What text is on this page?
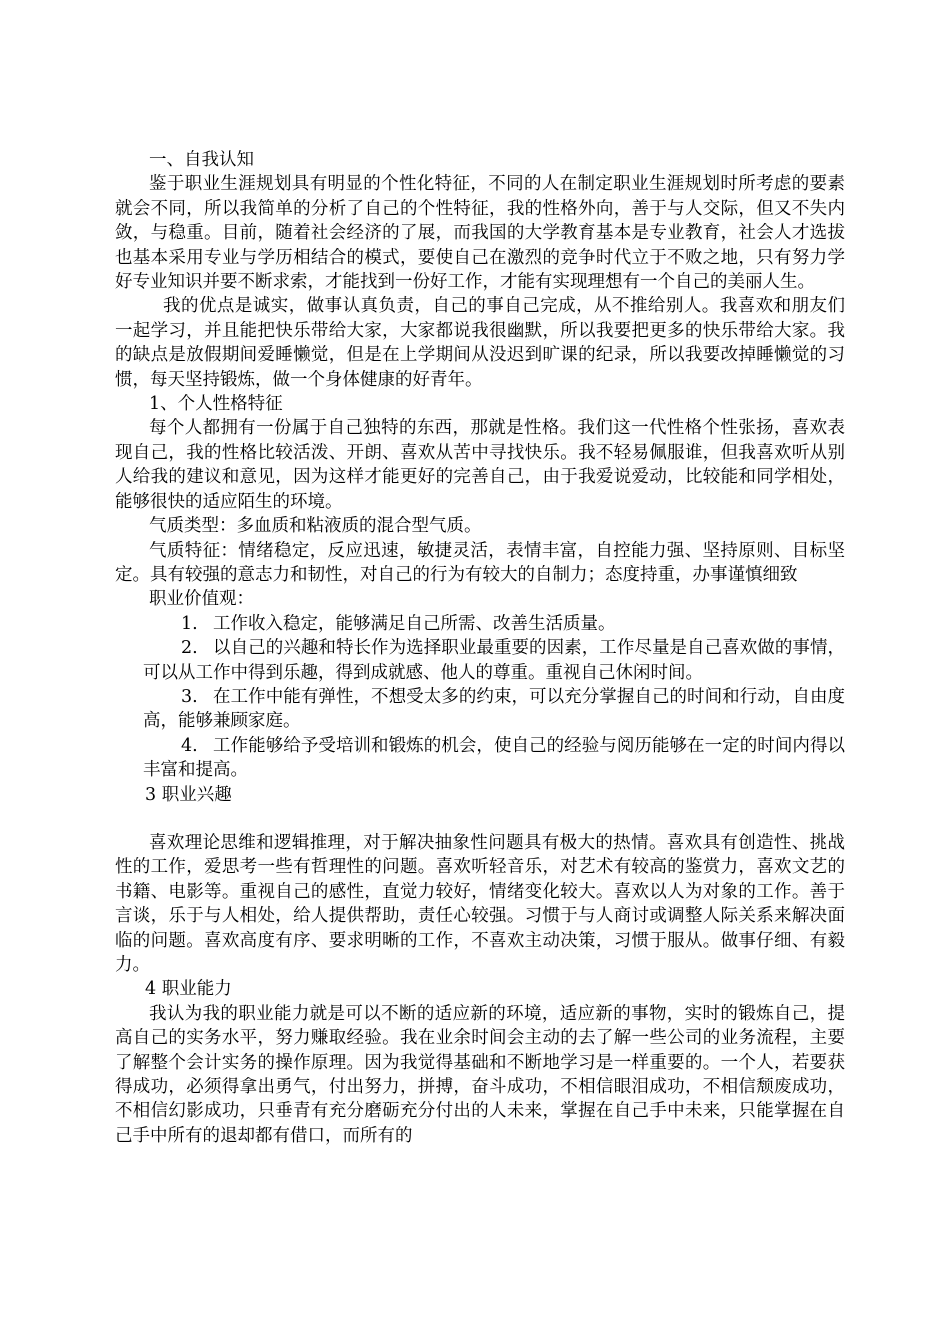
一、自我认知

鉴于职业生涯规划具有明显的个性化特征，不同的人在制定职业生涯规划时所考虑的要素就会不同，所以我简单的分析了自己的个性特征，我的性格外向，善于与人交际，但又不失内敛，与稳重。目前，随着社会经济的了展，而我国的大学教育基本是专业教育，社会人才选拔也基本采用专业与学历相结合的模式，要使自己在激烈的竞争时代立于不败之地，只有努力学好专业知识并要不断求索，才能找到一份好工作，才能有实现理想有一个自己的美丽人生。

我的优点是诚实，做事认真负责，自己的事自己完成，从不推给别人。我喜欢和朋友们一起学习，并且能把快乐带给大家，大家都说我很幽默，所以我要把更多的快乐带给大家。我的缺点是放假期间爱睡懒觉，但是在上学期间从没迟到旷课的纪录，所以我要改掉睡懒觉的习惯，每天坚持锻炼，做一个身体健康的好青年。

1、个人性格特征

每个人都拥有一份属于自己独特的东西，那就是性格。我们这一代性格个性张扬，喜欢表现自己，我的性格比较活泼、开朗、喜欢从苦中寻找快乐。我不轻易佩服谁，但我喜欢听从别人给我的建议和意见，因为这样才能更好的完善自己，由于我爱说爱动，比较能和同学相处，能够很快的适应陌生的环境。

气质类型：多血质和粘液质的混合型气质。

气质特征：情绪稳定，反应迅速，敏捷灵活，表情丰富，自控能力强、坚持原则、目标坚定。具有较强的意志力和韧性，对自己的行为有较大的自制力；态度持重，办事谨慎细致

职业价值观：

1. 工作收入稳定，能够满足自己所需、改善生活质量。

2. 以自己的兴趣和特长作为选择职业最重要的因素，工作尽量是自己喜欢做的事情，可以从工作中得到乐趣，得到成就感、他人的尊重。重视自己休闲时间。

3. 在工作中能有弹性，不想受太多的约束，可以充分掌握自己的时间和行动，自由度高，能够兼顾家庭。

4. 工作能够给予受培训和锻炼的机会，使自己的经验与阅历能够在一定的时间内得以丰富和提高。

3 职业兴趣

喜欢理论思维和逻辑推理，对于解决抽象性问题具有极大的热情。喜欢具有创造性、挑战性的工作，爱思考一些有哲理性的问题。喜欢听轻音乐，对艺术有较高的鉴赏力，喜欢文艺的书籍、电影等。重视自己的感性，直觉力较好，情绪变化较大。喜欢以人为对象的工作。善于言谈，乐于与人相处，给人提供帮助，责任心较强。习惯于与人商讨或调整人际关系来解决面临的问题。喜欢高度有序、要求明晰的工作，不喜欢主动决策，习惯于服从。做事仔细、有毅力。

4 职业能力

我认为我的职业能力就是可以不断的适应新的环境，适应新的事物，实时的锻炼自己，提高自己的实务水平，努力赚取经验。我在业余时间会主动的去了解一些公司的业务流程，主要了解整个会计实务的操作原理。因为我觉得基础和不断地学习是一样重要的。一个人，若要获得成功，必须得拿出勇气，付出努力，拼搏，奋斗成功，不相信眼泪成功，不相信颓废成功，不相信幻影成功，只垂青有充分磨砺充分付出的人未来，掌握在自己手中未来，只能掌握在自己手中所有的退却都有借口，而所有的
